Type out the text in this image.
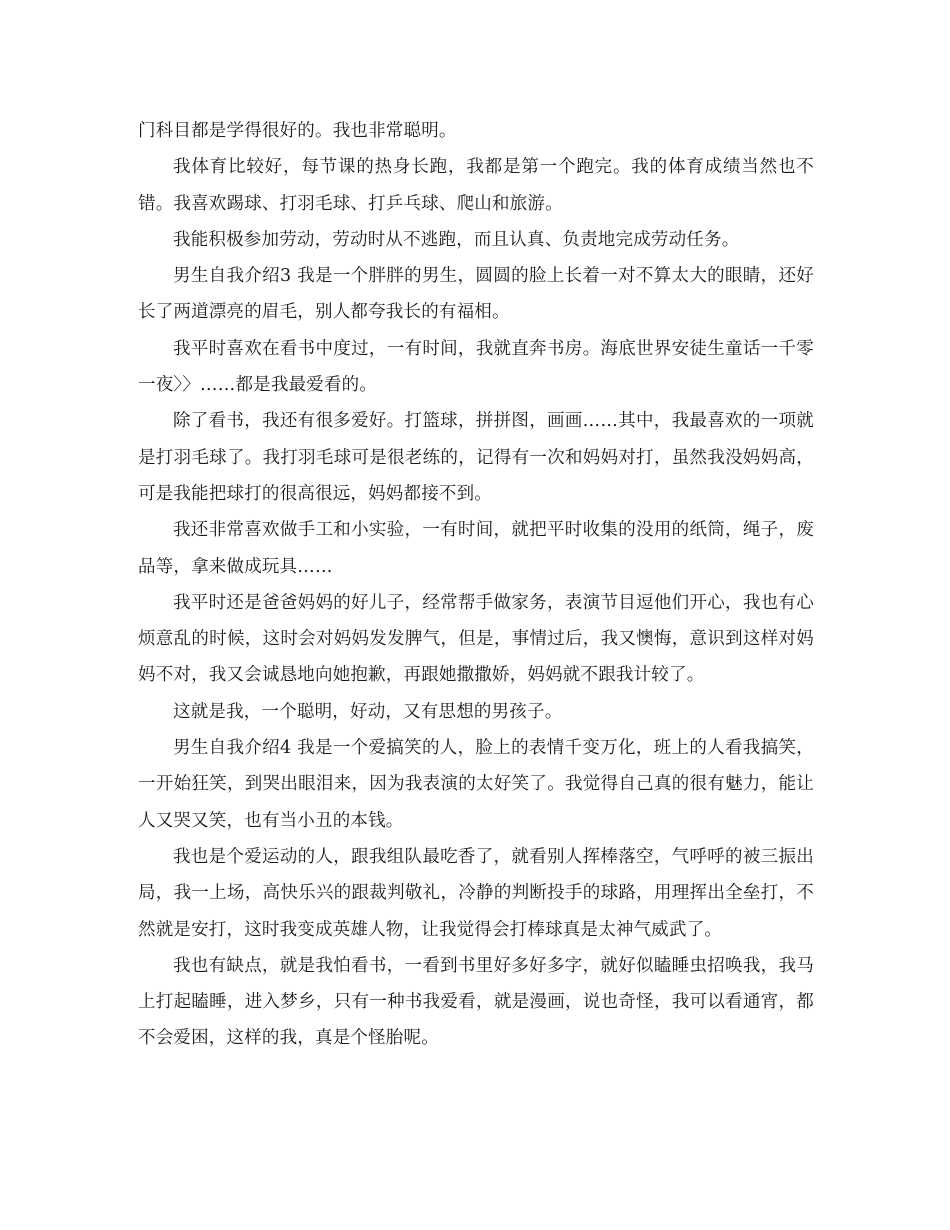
门科目都是学得很好的。我也非常聪明。

我体育比较好，每节课的热身长跑，我都是第一个跑完。我的体育成绩当然也不错。我喜欢踢球、打羽毛球、打乒乓球、爬山和旅游。

我能积极参加劳动，劳动时从不逃跑，而且认真、负责地完成劳动任务。

男生自我介绍3 我是一个胖胖的男生，圆圆的脸上长着一对不算太大的眼睛，还好长了两道漂亮的眉毛，别人都夸我长的有福相。

我平时喜欢在看书中度过，一有时间，我就直奔书房。海底世界安徒生童话一千零一夜〉〉……都是我最爱看的。

除了看书，我还有很多爱好。打篮球，拼拼图，画画……其中，我最喜欢的一项就是打羽毛球了。我打羽毛球可是很老练的，记得有一次和妈妈对打，虽然我没妈妈高，可是我能把球打的很高很远，妈妈都接不到。

我还非常喜欢做手工和小实验，一有时间，就把平时收集的没用的纸筒，绳子，废品等，拿来做成玩具……

我平时还是爸爸妈妈的好儿子，经常帮手做家务，表演节目逗他们开心，我也有心烦意乱的时候，这时会对妈妈发发脾气，但是，事情过后，我又懊悔，意识到这样对妈妈不对，我又会诚恳地向她抱歉，再跟她撒撒娇，妈妈就不跟我计较了。

这就是我，一个聪明，好动，又有思想的男孩子。

男生自我介绍4 我是一个爱搞笑的人，脸上的表情千变万化，班上的人看我搞笑，一开始狂笑，到哭出眼泪来，因为我表演的太好笑了。我觉得自己真的很有魅力，能让人又哭又笑，也有当小丑的本钱。

我也是个爱运动的人，跟我组队最吃香了，就看别人挥棒落空，气呼呼的被三振出局，我一上场，高快乐兴的跟裁判敬礼，冷静的判断投手的球路，用理挥出全垒打，不然就是安打，这时我变成英雄人物，让我觉得会打棒球真是太神气威武了。

我也有缺点，就是我怕看书，一看到书里好多好多字，就好似瞌睡虫招唤我，我马上打起瞌睡，进入梦乡，只有一种书我爱看，就是漫画，说也奇怪，我可以看通宵，都不会爱困，这样的我，真是个怪胎呢。
